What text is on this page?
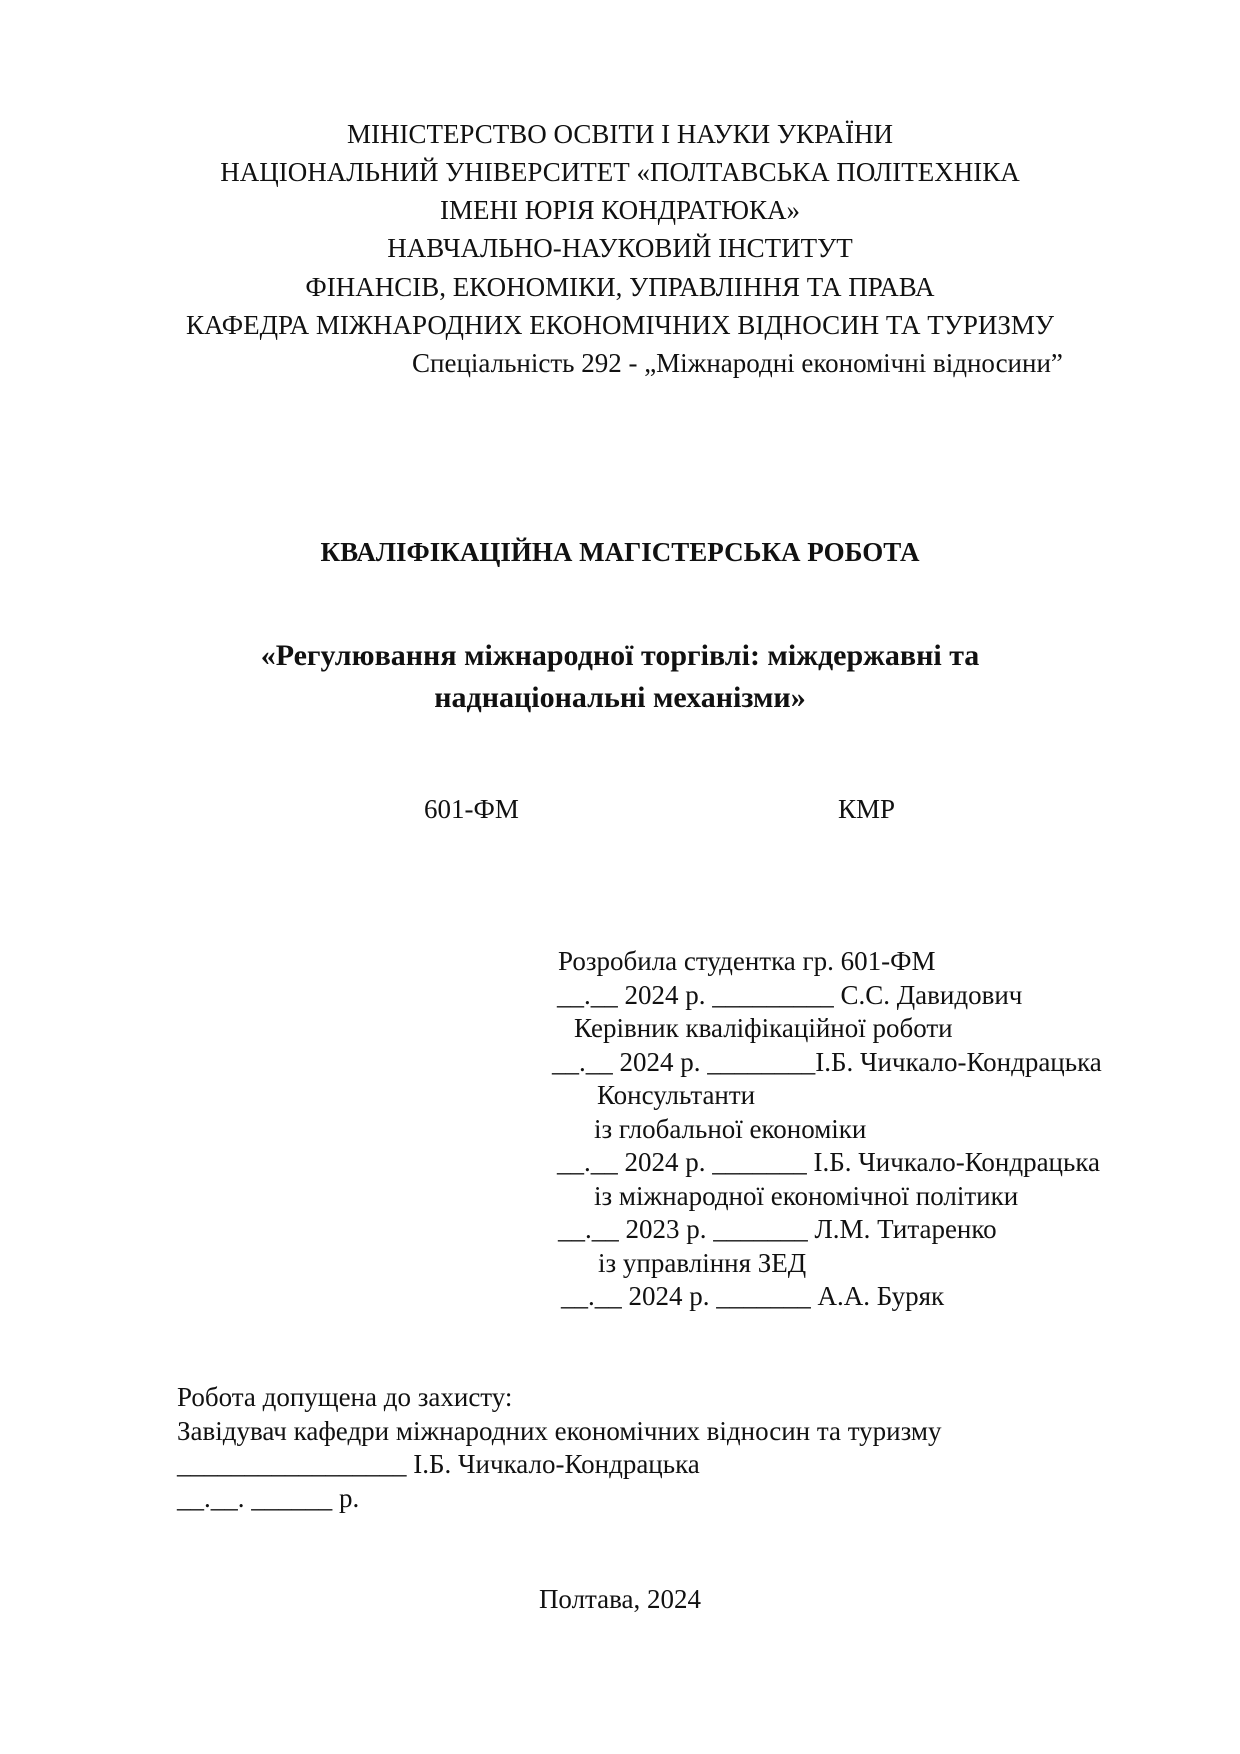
МІНІСТЕРСТВО ОСВІТИ І НАУКИ УКРАЇНИ
НАЦІОНАЛЬНИЙ УНІВЕРСИТЕТ «ПОЛТАВСЬКА ПОЛІТЕХНІКА
ІМЕНІ ЮРІЯ КОНДРАТЮКА»
НАВЧАЛЬНО-НАУКОВИЙ ІНСТИТУТ
ФІНАНСІВ, ЕКОНОМІКИ, УПРАВЛІННЯ ТА ПРАВА
КАФЕДРА МІЖНАРОДНИХ ЕКОНОМІЧНИХ ВІДНОСИН ТА ТУРИЗМУ
Спеціальність 292 - „Міжнародні економічні відносини”
КВАЛІФІКАЦІЙНА МАГІСТЕРСЬКА РОБОТА
«Регулювання міжнародної торгівлі: міждержавні та
наднаціональні механізми»
601-ФМ	КМР
Розробила студентка гр. 601-ФМ
__.__ 2024 р. _________ С.С. Давидович
Керівник кваліфікаційної роботи
__.__ 2024 р. ________І.Б. Чичкало-Кондрацька
Консультанти
із глобальної економіки
__.__ 2024 р. _______ І.Б. Чичкало-Кондрацька
із міжнародної економічної політики
__.__ 2023 р. _______ Л.М. Титаренко
із управління ЗЕД
__.__ 2024 р. _______ А.А. Буряк
Робота допущена до захисту:
Завідувач кафедри міжнародних економічних відносин та туризму
_________________ І.Б. Чичкало-Кондрацька
__.__. ______ р.
Полтава, 2024
